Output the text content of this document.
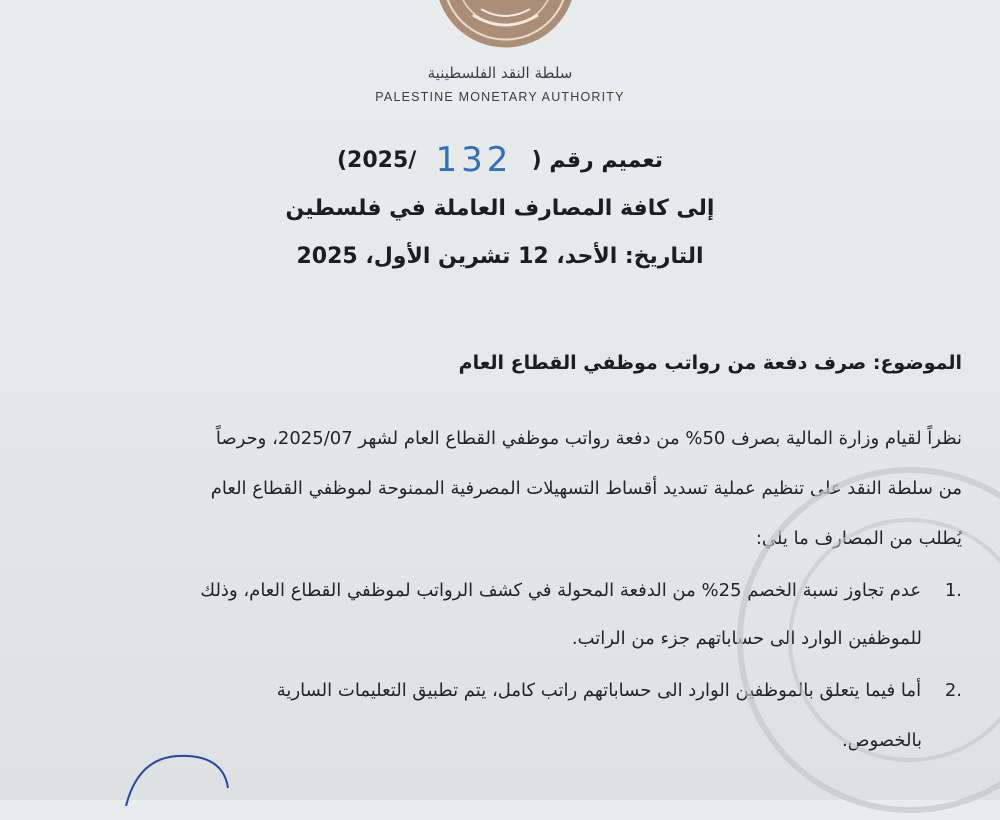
سلطة النقد الفلسطينية
PALESTINE MONETARY AUTHORITY
تعميم رقم ( 132 /2025)
إلى كافة المصارف العاملة في فلسطين
التاريخ: الأحد، 12 تشرين الأول، 2025
الموضوع: صرف دفعة من رواتب موظفي القطاع العام
نظراً لقيام وزارة المالية بصرف 50% من دفعة رواتب موظفي القطاع العام لشهر 2025/07، وحرصاً
من سلطة النقد على تنظيم عملية تسديد أقساط التسهيلات المصرفية الممنوحة لموظفي القطاع العام
يُطلب من المصارف ما يلي:
1. عدم تجاوز نسبة الخصم 25% من الدفعة المحولة في كشف الرواتب لموظفي القطاع العام، وذلك
للموظفين الوارد الى حساباتهم جزء من الراتب.
2. أما فيما يتعلق بالموظفين الوارد الى حساباتهم راتب كامل، يتم تطبيق التعليمات السارية
بالخصوص.
